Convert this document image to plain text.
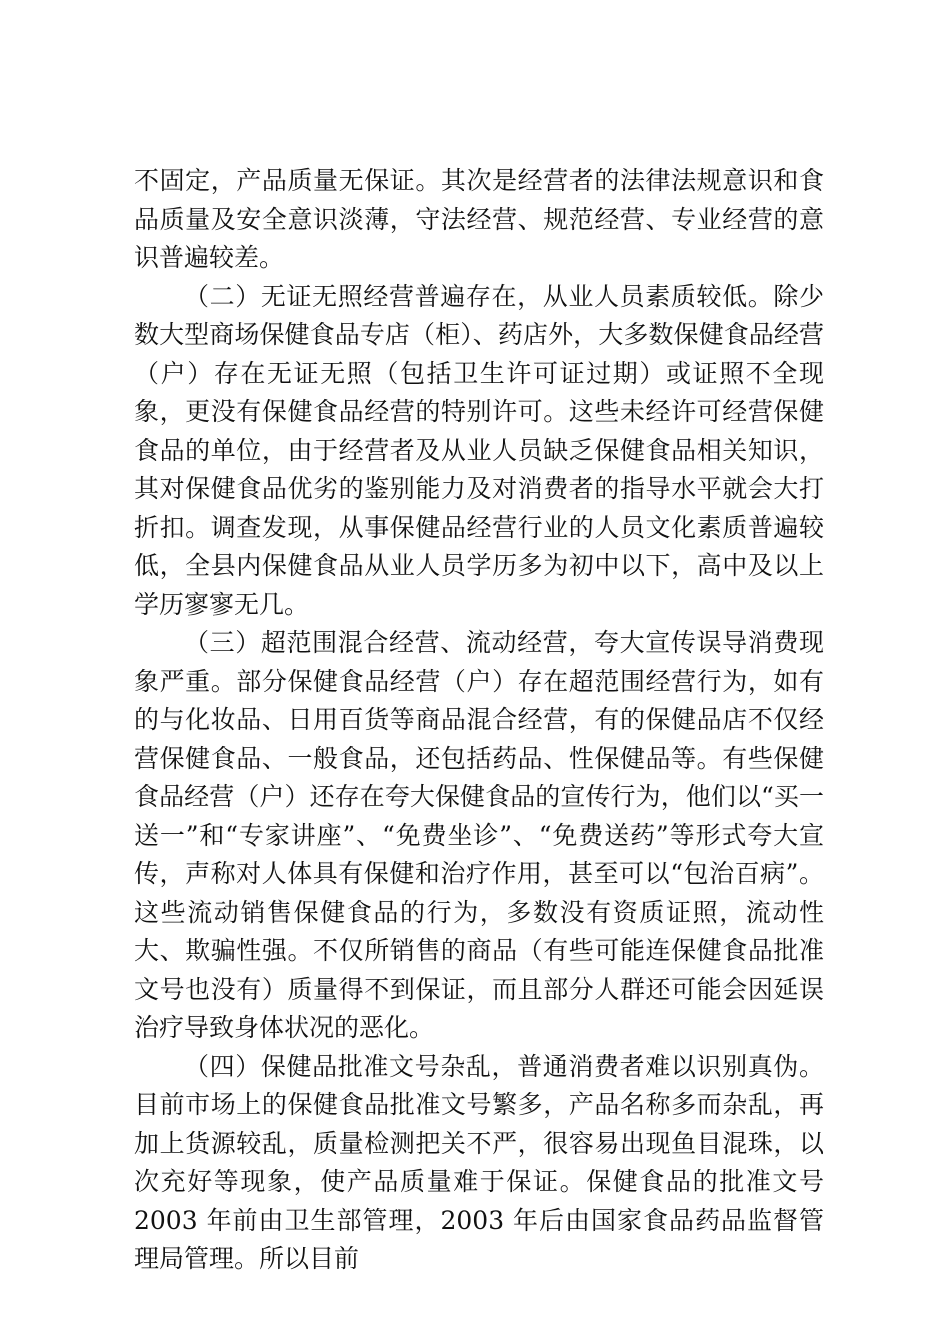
不固定，产品质量无保证。其次是经营者的法律法规意识和食品质量及安全意识淡薄，守法经营、规范经营、专业经营的意识普遍较差。

（二）无证无照经营普遍存在，从业人员素质较低。除少数大型商场保健食品专店（柜）、药店外，大多数保健食品经营（户）存在无证无照（包括卫生许可证过期）或证照不全现象，更没有保健食品经营的特别许可。这些未经许可经营保健食品的单位，由于经营者及从业人员缺乏保健食品相关知识，其对保健食品优劣的鉴别能力及对消费者的指导水平就会大打折扣。调查发现，从事保健品经营行业的人员文化素质普遍较低，全县内保健食品从业人员学历多为初中以下，高中及以上学历寥寥无几。

（三）超范围混合经营、流动经营，夸大宣传误导消费现象严重。部分保健食品经营（户）存在超范围经营行为，如有的与化妆品、日用百货等商品混合经营，有的保健品店不仅经营保健食品、一般食品，还包括药品、性保健品等。有些保健食品经营（户）还存在夸大保健食品的宣传行为，他们以“买一送一”和“专家讲座”、“免费坐诊”、“免费送药”等形式夸大宣传，声称对人体具有保健和治疗作用，甚至可以“包治百病”。这些流动销售保健食品的行为，多数没有资质证照，流动性大、欺骗性强。不仅所销售的商品（有些可能连保健食品批准文号也没有）质量得不到保证，而且部分人群还可能会因延误治疗导致身体状况的恶化。

（四）保健品批准文号杂乱，普通消费者难以识别真伪。目前市场上的保健食品批准文号繁多，产品名称多而杂乱，再加上货源较乱，质量检测把关不严，很容易出现鱼目混珠，以次充好等现象，使产品质量难于保证。保健食品的批准文号 2003 年前由卫生部管理，2003 年后由国家食品药品监督管理局管理。所以目前
